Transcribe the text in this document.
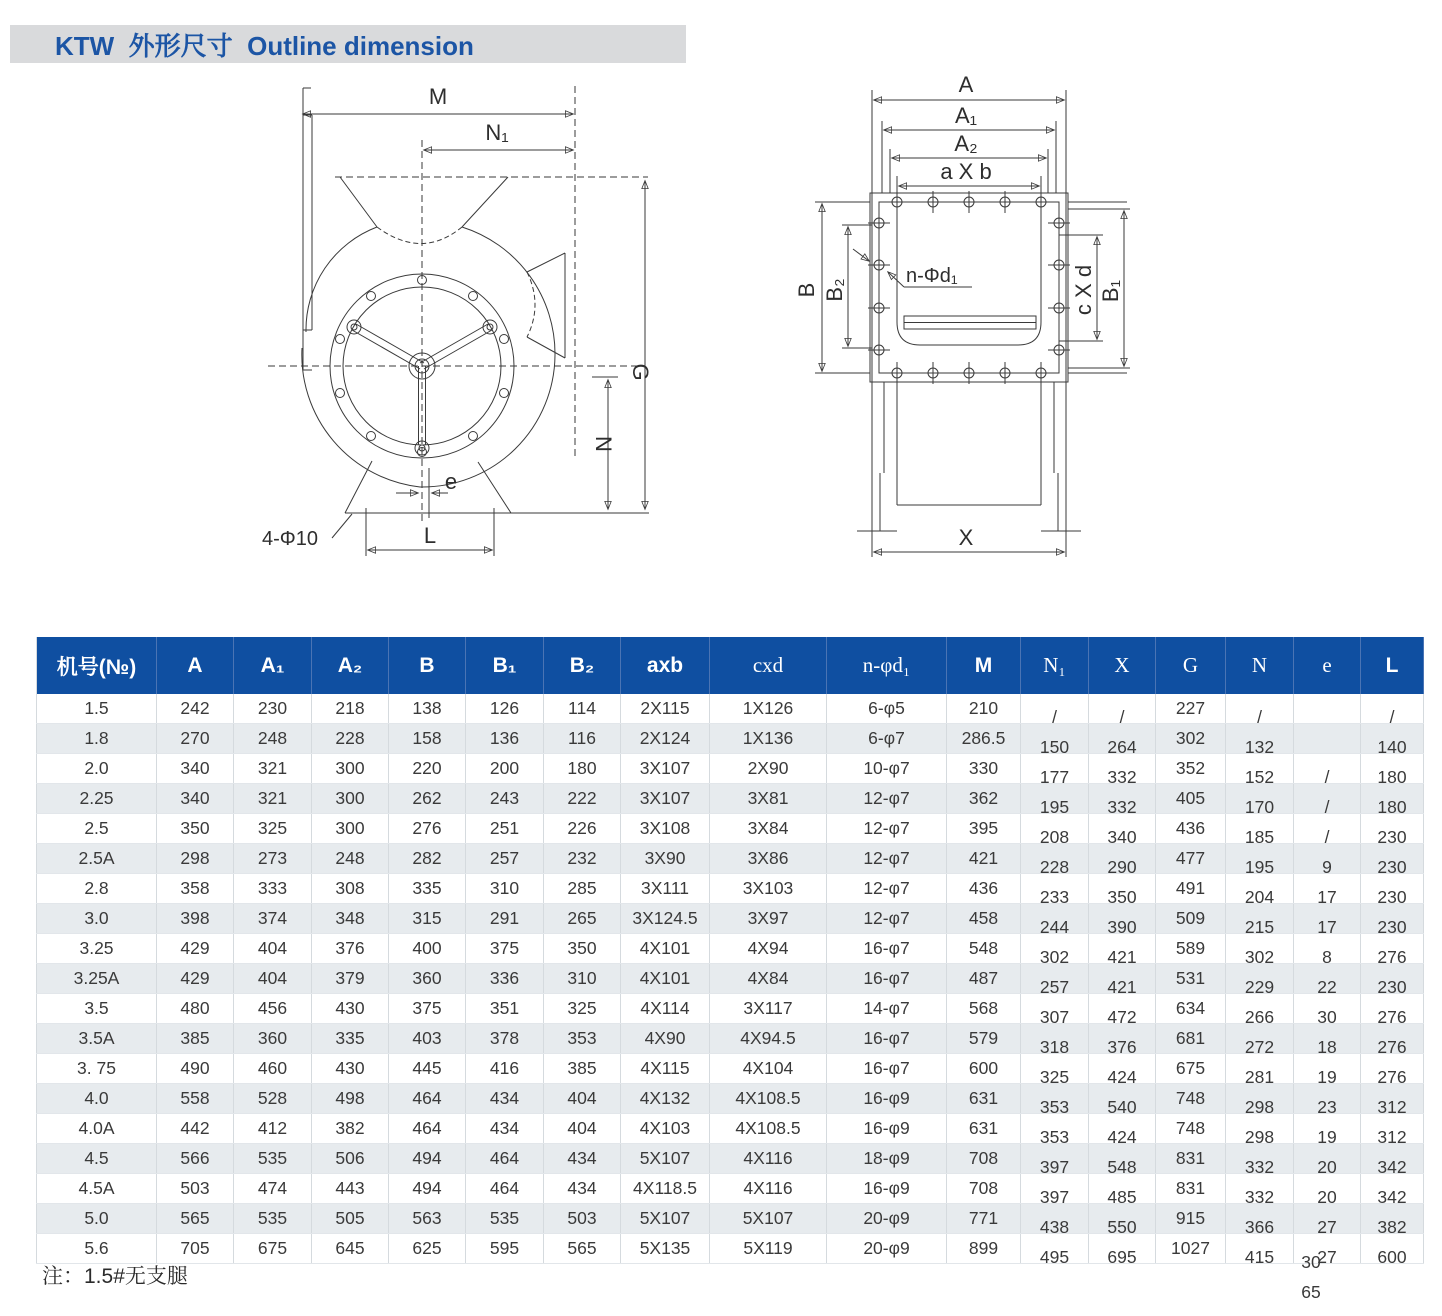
KTW  外形尺寸  Outline dimension
M
N₁
G
N
e
L
4-Φ10
A
A₁
A₂
a X b
B B₂	c X d B₁
n-Φd₁
X
机号(№)	A	A₁	A₂	B	B₁	B₂	axb	cxd	n-φd₁	M	N₁	X	G	N	e	L
1.5	242	230	218	138	126	114	2X115	1X126	6-φ5	210	/	/	227	/		/
1.8	270	248	228	158	136	116	2X124	1X136	6-φ7	286.5	150	264	302	132		140
2.0	340	321	300	220	200	180	3X107	2X90	10-φ7	330	177	332	352	152	/	180
2.25	340	321	300	262	243	222	3X107	3X81	12-φ7	362	195	332	405	170	/	180
2.5	350	325	300	276	251	226	3X108	3X84	12-φ7	395	208	340	436	185	/	230
2.5A	298	273	248	282	257	232	3X90	3X86	12-φ7	421	228	290	477	195	9	230
2.8	358	333	308	335	310	285	3X111	3X103	12-φ7	436	233	350	491	204	17	230
3.0	398	374	348	315	291	265	3X124.5	3X97	12-φ7	458	244	390	509	215	17	230
3.25	429	404	376	400	375	350	4X101	4X94	16-φ7	548	302	421	589	302	8	276
3.25A	429	404	379	360	336	310	4X101	4X84	16-φ7	487	257	421	531	229	22	230
3.5	480	456	430	375	351	325	4X114	3X117	14-φ7	568	307	472	634	266	30	276
3.5A	385	360	335	403	378	353	4X90	4X94.5	16-φ7	579	318	376	681	272	18	276
3. 75	490	460	430	445	416	385	4X115	4X104	16-φ7	600	325	424	675	281	19	276
4.0	558	528	498	464	434	404	4X132	4X108.5	16-φ9	631	353	540	748	298	23	312
4.0A	442	412	382	464	434	404	4X103	4X108.5	16-φ9	631	353	424	748	298	19	312
4.5	566	535	506	494	464	434	5X107	4X116	18-φ9	708	397	548	831	332	20	342
4.5A	503	474	443	494	464	434	4X118.5	4X116	16-φ9	708	397	485	831	332	20	342
5.0	565	535	505	563	535	503	5X107	5X107	20-φ9	771	438	550	915	366	27	382
5.6	705	675	645	625	595	565	5X135	5X119	20-φ9	899	495	695	1027	415	27	600
30
65
注：1.5#无支腿
